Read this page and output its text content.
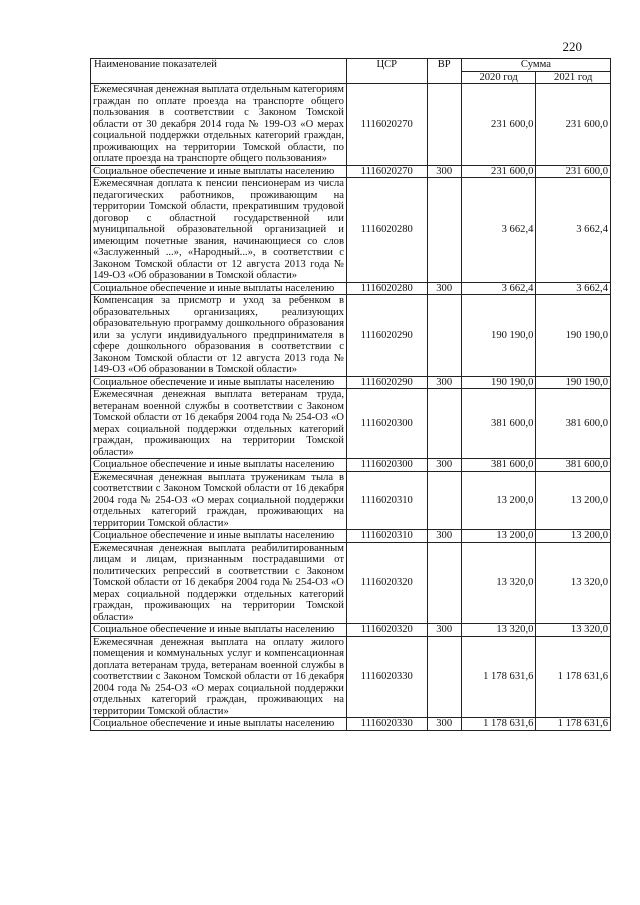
220
Наименование показателей	ЦСР	ВР	Сумма	
			2020 год	2021 год
Ежемесячная денежная выплата отдельным категориям граждан по оплате проезда на транспорте общего пользования в соответствии с Законом Томской области от 30 декабря 2014 года № 199-ОЗ «О мерах социальной поддержки отдельных категорий граждан, проживающих на территории Томской области, по оплате проезда на транспорте общего пользования»	1116020270		231 600,0	231 600,0
Социальное обеспечение и иные выплаты населению	1116020270	300	231 600,0	231 600,0
Ежемесячная доплата к пенсии пенсионерам из числа педагогических работников, проживающим на территории Томской области, прекратившим трудовой договор с областной государственной или муниципальной образовательной организацией и имеющим почетные звания, начинающиеся со слов «Заслуженный ...», «Народный...», в соответствии с Законом Томской области от 12 августа 2013 года № 149-ОЗ «Об образовании в Томской области»	1116020280		3 662,4	3 662,4
Социальное обеспечение и иные выплаты населению	1116020280	300	3 662,4	3 662,4
Компенсация за присмотр и уход за ребенком в образовательных организациях, реализующих образовательную программу дошкольного образования или за услуги индивидуального предпринимателя в сфере дошкольного образования в соответствии с Законом Томской области от 12 августа 2013 года № 149-ОЗ «Об образовании в Томской области»	1116020290		190 190,0	190 190,0
Социальное обеспечение и иные выплаты населению	1116020290	300	190 190,0	190 190,0
Ежемесячная денежная выплата ветеранам труда, ветеранам военной службы в соответствии с Законом Томской области от 16 декабря 2004 года № 254-ОЗ «О мерах социальной поддержки отдельных категорий граждан, проживающих на территории Томской области»	1116020300		381 600,0	381 600,0
Социальное обеспечение и иные выплаты населению	1116020300	300	381 600,0	381 600,0
Ежемесячная денежная выплата труженикам тыла в соответствии с Законом Томской области от 16 декабря 2004 года № 254-ОЗ «О мерах социальной поддержки отдельных категорий граждан, проживающих на территории Томской области»	1116020310		13 200,0	13 200,0
Социальное обеспечение и иные выплаты населению	1116020310	300	13 200,0	13 200,0
Ежемесячная денежная выплата реабилитированным лицам и лицам, признанным пострадавшими от политических репрессий в соответствии с Законом Томской области от 16 декабря 2004 года № 254-ОЗ «О мерах социальной поддержки отдельных категорий граждан, проживающих на территории Томской области»	1116020320		13 320,0	13 320,0
Социальное обеспечение и иные выплаты населению	1116020320	300	13 320,0	13 320,0
Ежемесячная денежная выплата на оплату жилого помещения и коммунальных услуг и компенсационная доплата ветеранам труда, ветеранам военной службы в соответствии с Законом Томской области от 16 декабря 2004 года № 254-ОЗ «О мерах социальной поддержки отдельных категорий граждан, проживающих на территории Томской области»	1116020330		1 178 631,6	1 178 631,6
Социальное обеспечение и иные выплаты населению	1116020330	300	1 178 631,6	1 178 631,6
